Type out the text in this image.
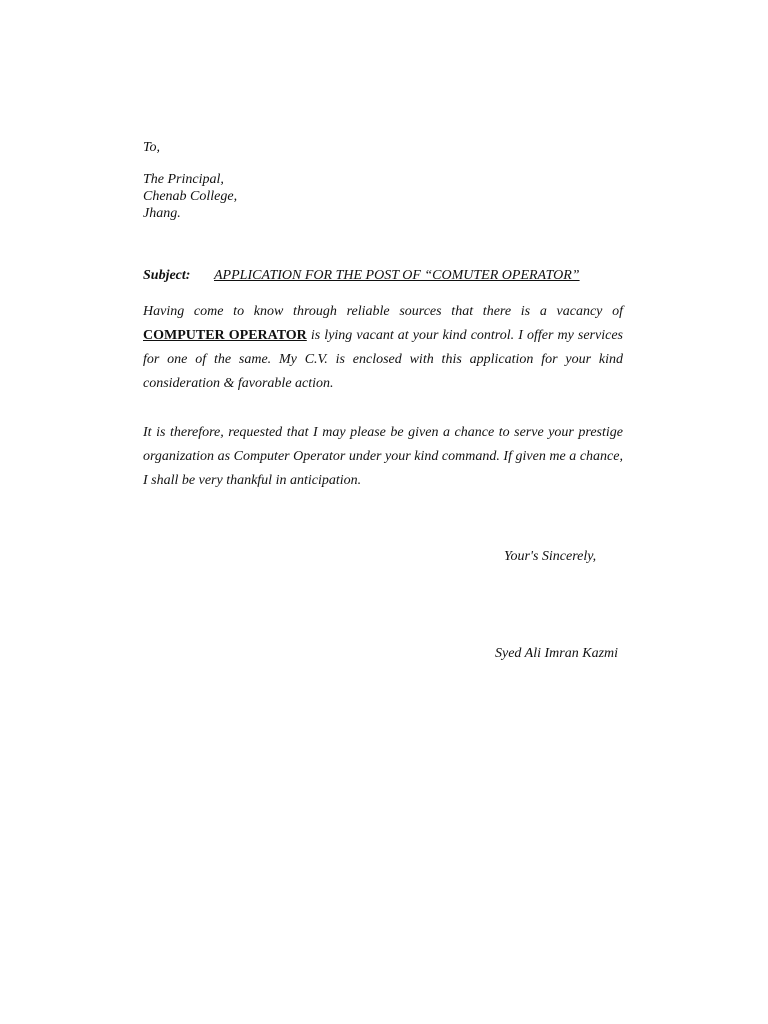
To,
The Principal,
Chenab College,
Jhang.
Subject: APPLICATION FOR THE POST OF “COMUTER OPERATOR”
Having come to know through reliable sources that there is a vacancy of COMPUTER OPERATOR is lying vacant at your kind control. I offer my services for one of the same. My C.V. is enclosed with this application for your kind consideration & favorable action.
It is therefore, requested that I may please be given a chance to serve your prestige organization as Computer Operator under your kind command. If given me a chance, I shall be very thankful in anticipation.
Your's Sincerely,
Syed Ali Imran Kazmi
